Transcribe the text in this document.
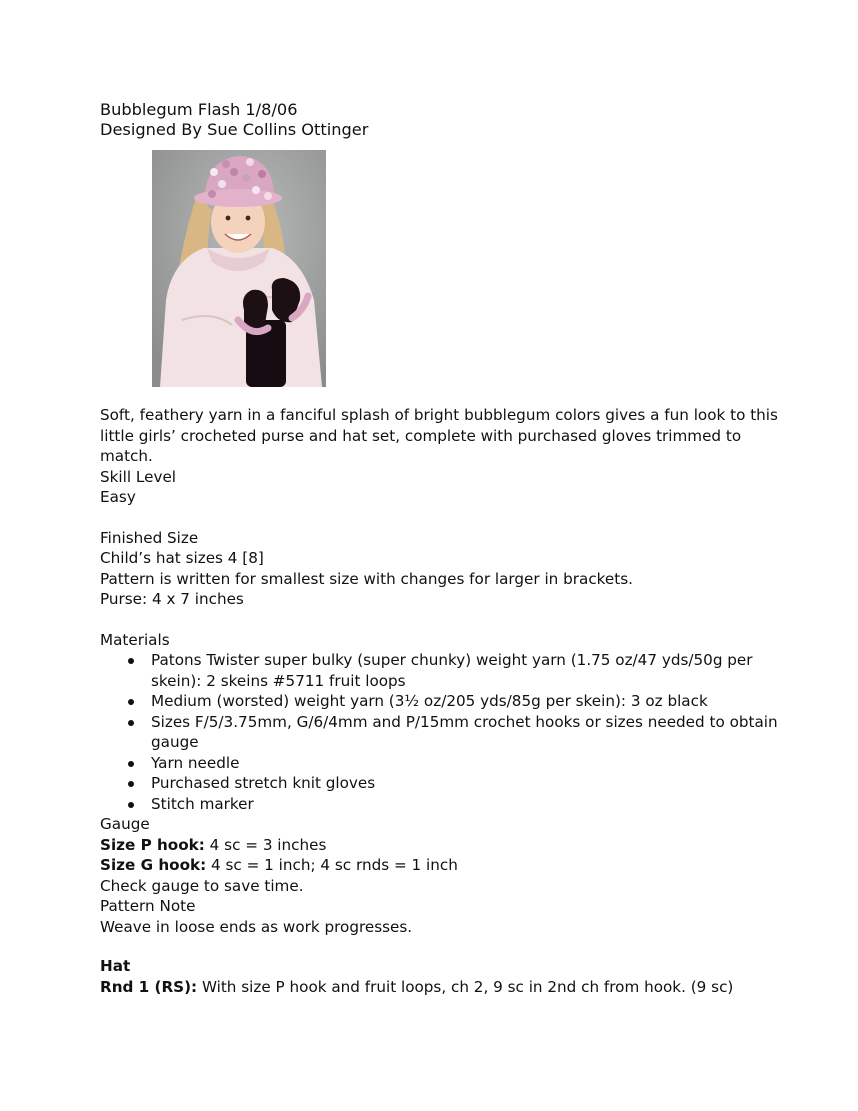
Bubblegum Flash 1/8/06

Designed By Sue Collins Ottinger

Soft, feathery yarn in a fanciful splash of bright bubblegum colors gives a fun look to this little girls’ crocheted purse and hat set, complete with purchased gloves trimmed to match.

Skill Level

Easy

Finished Size

Child’s hat sizes 4 [8]

Pattern is written for smallest size with changes for larger in brackets.

Purse: 4 x 7 inches

Materials

Patons Twister super bulky (super chunky) weight yarn (1.75 oz/47 yds/50g per skein): 2 skeins #5711 fruit loops
Medium (worsted) weight yarn (3½ oz/205 yds/85g per skein): 3 oz black
Sizes F/5/3.75mm, G/6/4mm and P/15mm crochet hooks or sizes needed to obtain gauge
Yarn needle
Purchased stretch knit gloves
Stitch marker

Gauge

Size P hook: 4 sc = 3 inches

Size G hook: 4 sc = 1 inch; 4 sc rnds = 1 inch

Check gauge to save time.

Pattern Note

Weave in loose ends as work progresses.

Hat

Rnd 1 (RS): With size P hook and fruit loops, ch 2, 9 sc in 2nd ch from hook. (9 sc)
